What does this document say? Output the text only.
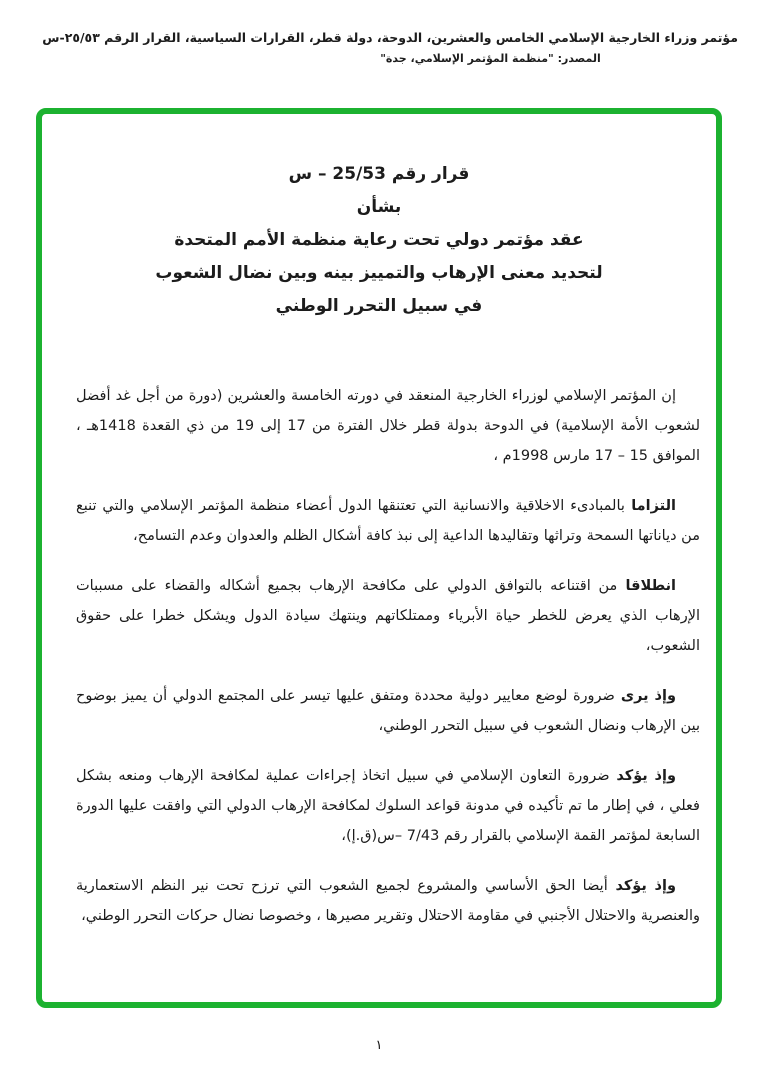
مؤتمر وزراء الخارجية الإسلامي الخامس والعشرين، الدوحة، دولة قطر، القرارات السياسية، القرار الرقم ٢٥/٥٣-س
المصدر: "منظمة المؤتمر الإسلامي، جدة"
قرار رقم 25/53 – س
بشأن
عقد مؤتمر دولي تحت رعاية منظمة الأمم المتحدة
لتحديد معنى الإرهاب والتمييز بينه وبين نضال الشعوب
في سبيل التحرر الوطني

إن المؤتمر الإسلامي لوزراء الخارجية المنعقد في دورته الخامسة والعشرين (دورة من أجل غد أفضل لشعوب الأمة الإسلامية) في الدوحة بدولة قطر خلال الفترة من 17 إلى 19 من ذي القعدة 1418هـ ، الموافق 15 – 17 مارس 1998م ،

التزاما بالمبادىء الاخلاقية والانسانية التي تعتنقها الدول أعضاء منظمة المؤتمر الإسلامي والتي تنبع من دياناتها السمحة وتراثها وتقاليدها الداعية إلى نبذ كافة أشكال الظلم والعدوان وعدم التسامح،

انطلاقا من اقتناعه بالتوافق الدولي على مكافحة الإرهاب بجميع أشكاله والقضاء على مسببات الإرهاب الذي يعرض للخطر حياة الأبرياء وممتلكاتهم وينتهك سيادة الدول ويشكل خطرا على حقوق الشعوب،

وإذ يرى ضرورة لوضع معايير دولية محددة ومتفق عليها تيسر على المجتمع الدولي أن يميز بوضوح بين الإرهاب ونضال الشعوب في سبيل التحرر الوطني،

وإذ يؤكد ضرورة التعاون الإسلامي في سبيل اتخاذ إجراءات عملية لمكافحة الإرهاب ومنعه بشكل فعلي ، في إطار ما تم تأكيده في مدونة قواعد السلوك لمكافحة الإرهاب الدولي التي وافقت عليها الدورة السابعة لمؤتمر القمة الإسلامي بالقرار رقم 7/43 –س(ق.إ)،

وإذ يؤكد أيضا الحق الأساسي والمشروع لجميع الشعوب التي ترزح تحت نير النظم الاستعمارية والعنصرية والاحتلال الأجنبي في مقاومة الاحتلال وتقرير مصيرها ، وخصوصا نضال حركات التحرر الوطني،

١
